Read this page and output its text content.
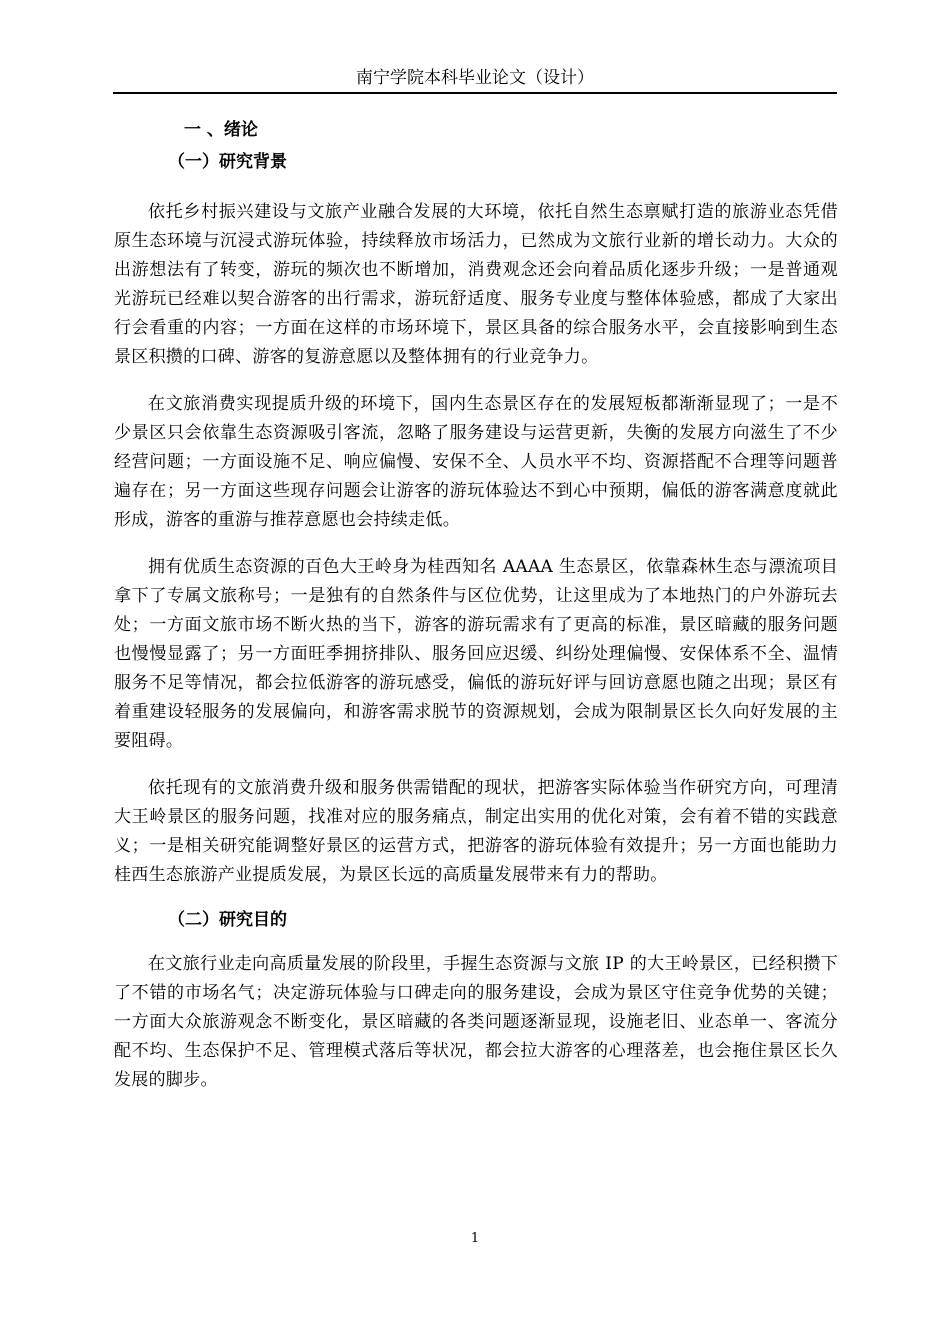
南宁学院本科毕业论文（设计）

一 、绪论

（一）研究背景

依托乡村振兴建设与文旅产业融合发展的大环境，依托自然生态禀赋打造的旅游业态凭借原生态环境与沉浸式游玩体验，持续释放市场活力，已然成为文旅行业新的增长动力。大众的出游想法有了转变，游玩的频次也不断增加，消费观念还会向着品质化逐步升级；一是普通观光游玩已经难以契合游客的出行需求，游玩舒适度、服务专业度与整体体验感，都成了大家出行会看重的内容；一方面在这样的市场环境下，景区具备的综合服务水平，会直接影响到生态景区积攒的口碑、游客的复游意愿以及整体拥有的行业竞争力。

在文旅消费实现提质升级的环境下，国内生态景区存在的发展短板都渐渐显现了；一是不少景区只会依靠生态资源吸引客流，忽略了服务建设与运营更新，失衡的发展方向滋生了不少经营问题；一方面设施不足、响应偏慢、安保不全、人员水平不均、资源搭配不合理等问题普遍存在；另一方面这些现存问题会让游客的游玩体验达不到心中预期，偏低的游客满意度就此形成，游客的重游与推荐意愿也会持续走低。

拥有优质生态资源的百色大王岭身为桂西知名 AAAA 生态景区，依靠森林生态与漂流项目拿下了专属文旅称号；一是独有的自然条件与区位优势，让这里成为了本地热门的户外游玩去处；一方面文旅市场不断火热的当下，游客的游玩需求有了更高的标准，景区暗藏的服务问题也慢慢显露了；另一方面旺季拥挤排队、服务回应迟缓、纠纷处理偏慢、安保体系不全、温情服务不足等情况，都会拉低游客的游玩感受，偏低的游玩好评与回访意愿也随之出现；景区有着重建设轻服务的发展偏向，和游客需求脱节的资源规划，会成为限制景区长久向好发展的主要阻碍。

依托现有的文旅消费升级和服务供需错配的现状，把游客实际体验当作研究方向，可理清大王岭景区的服务问题，找准对应的服务痛点，制定出实用的优化对策，会有着不错的实践意义；一是相关研究能调整好景区的运营方式，把游客的游玩体验有效提升；另一方面也能助力桂西生态旅游产业提质发展，为景区长远的高质量发展带来有力的帮助。

（二）研究目的

在文旅行业走向高质量发展的阶段里，手握生态资源与文旅 IP 的大王岭景区，已经积攒下了不错的市场名气；决定游玩体验与口碑走向的服务建设，会成为景区守住竞争优势的关键；一方面大众旅游观念不断变化，景区暗藏的各类问题逐渐显现，设施老旧、业态单一、客流分配不均、生态保护不足、管理模式落后等状况，都会拉大游客的心理落差，也会拖住景区长久发展的脚步。

1
